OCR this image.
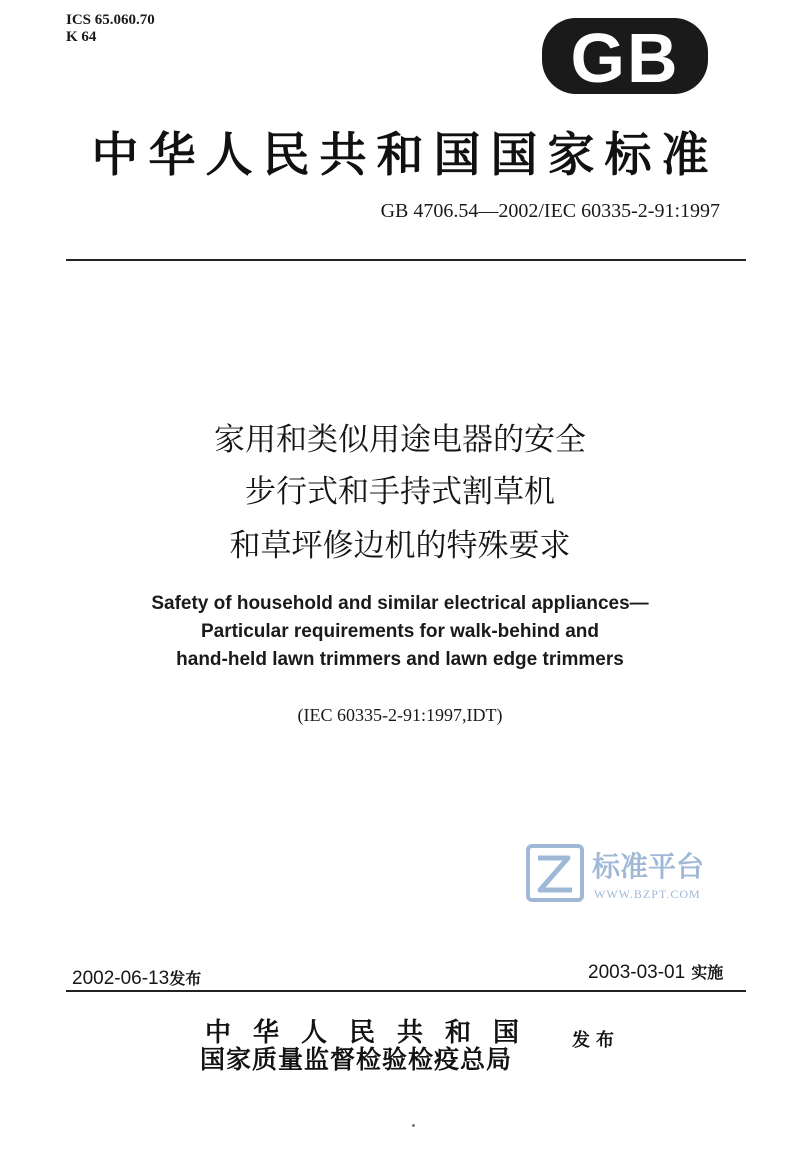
ICS 65.060.70
K 64	GB
中华人民共和国国家标准
GB 4706.54—2002/IEC 60335-2-91:1997
家用和类似用途电器的安全
步行式和手持式割草机
和草坪修边机的特殊要求
Safety of household and similar electrical appliances—
Particular requirements for walk-behind and
hand-held lawn trimmers and lawn edge trimmers
(IEC 60335-2-91:1997,IDT)
标准平台
WWW.BZPT.COM
2002-06-13发布	2003-03-01 实施
中华人民共和国
国家质量监督检验检疫总局
发布
